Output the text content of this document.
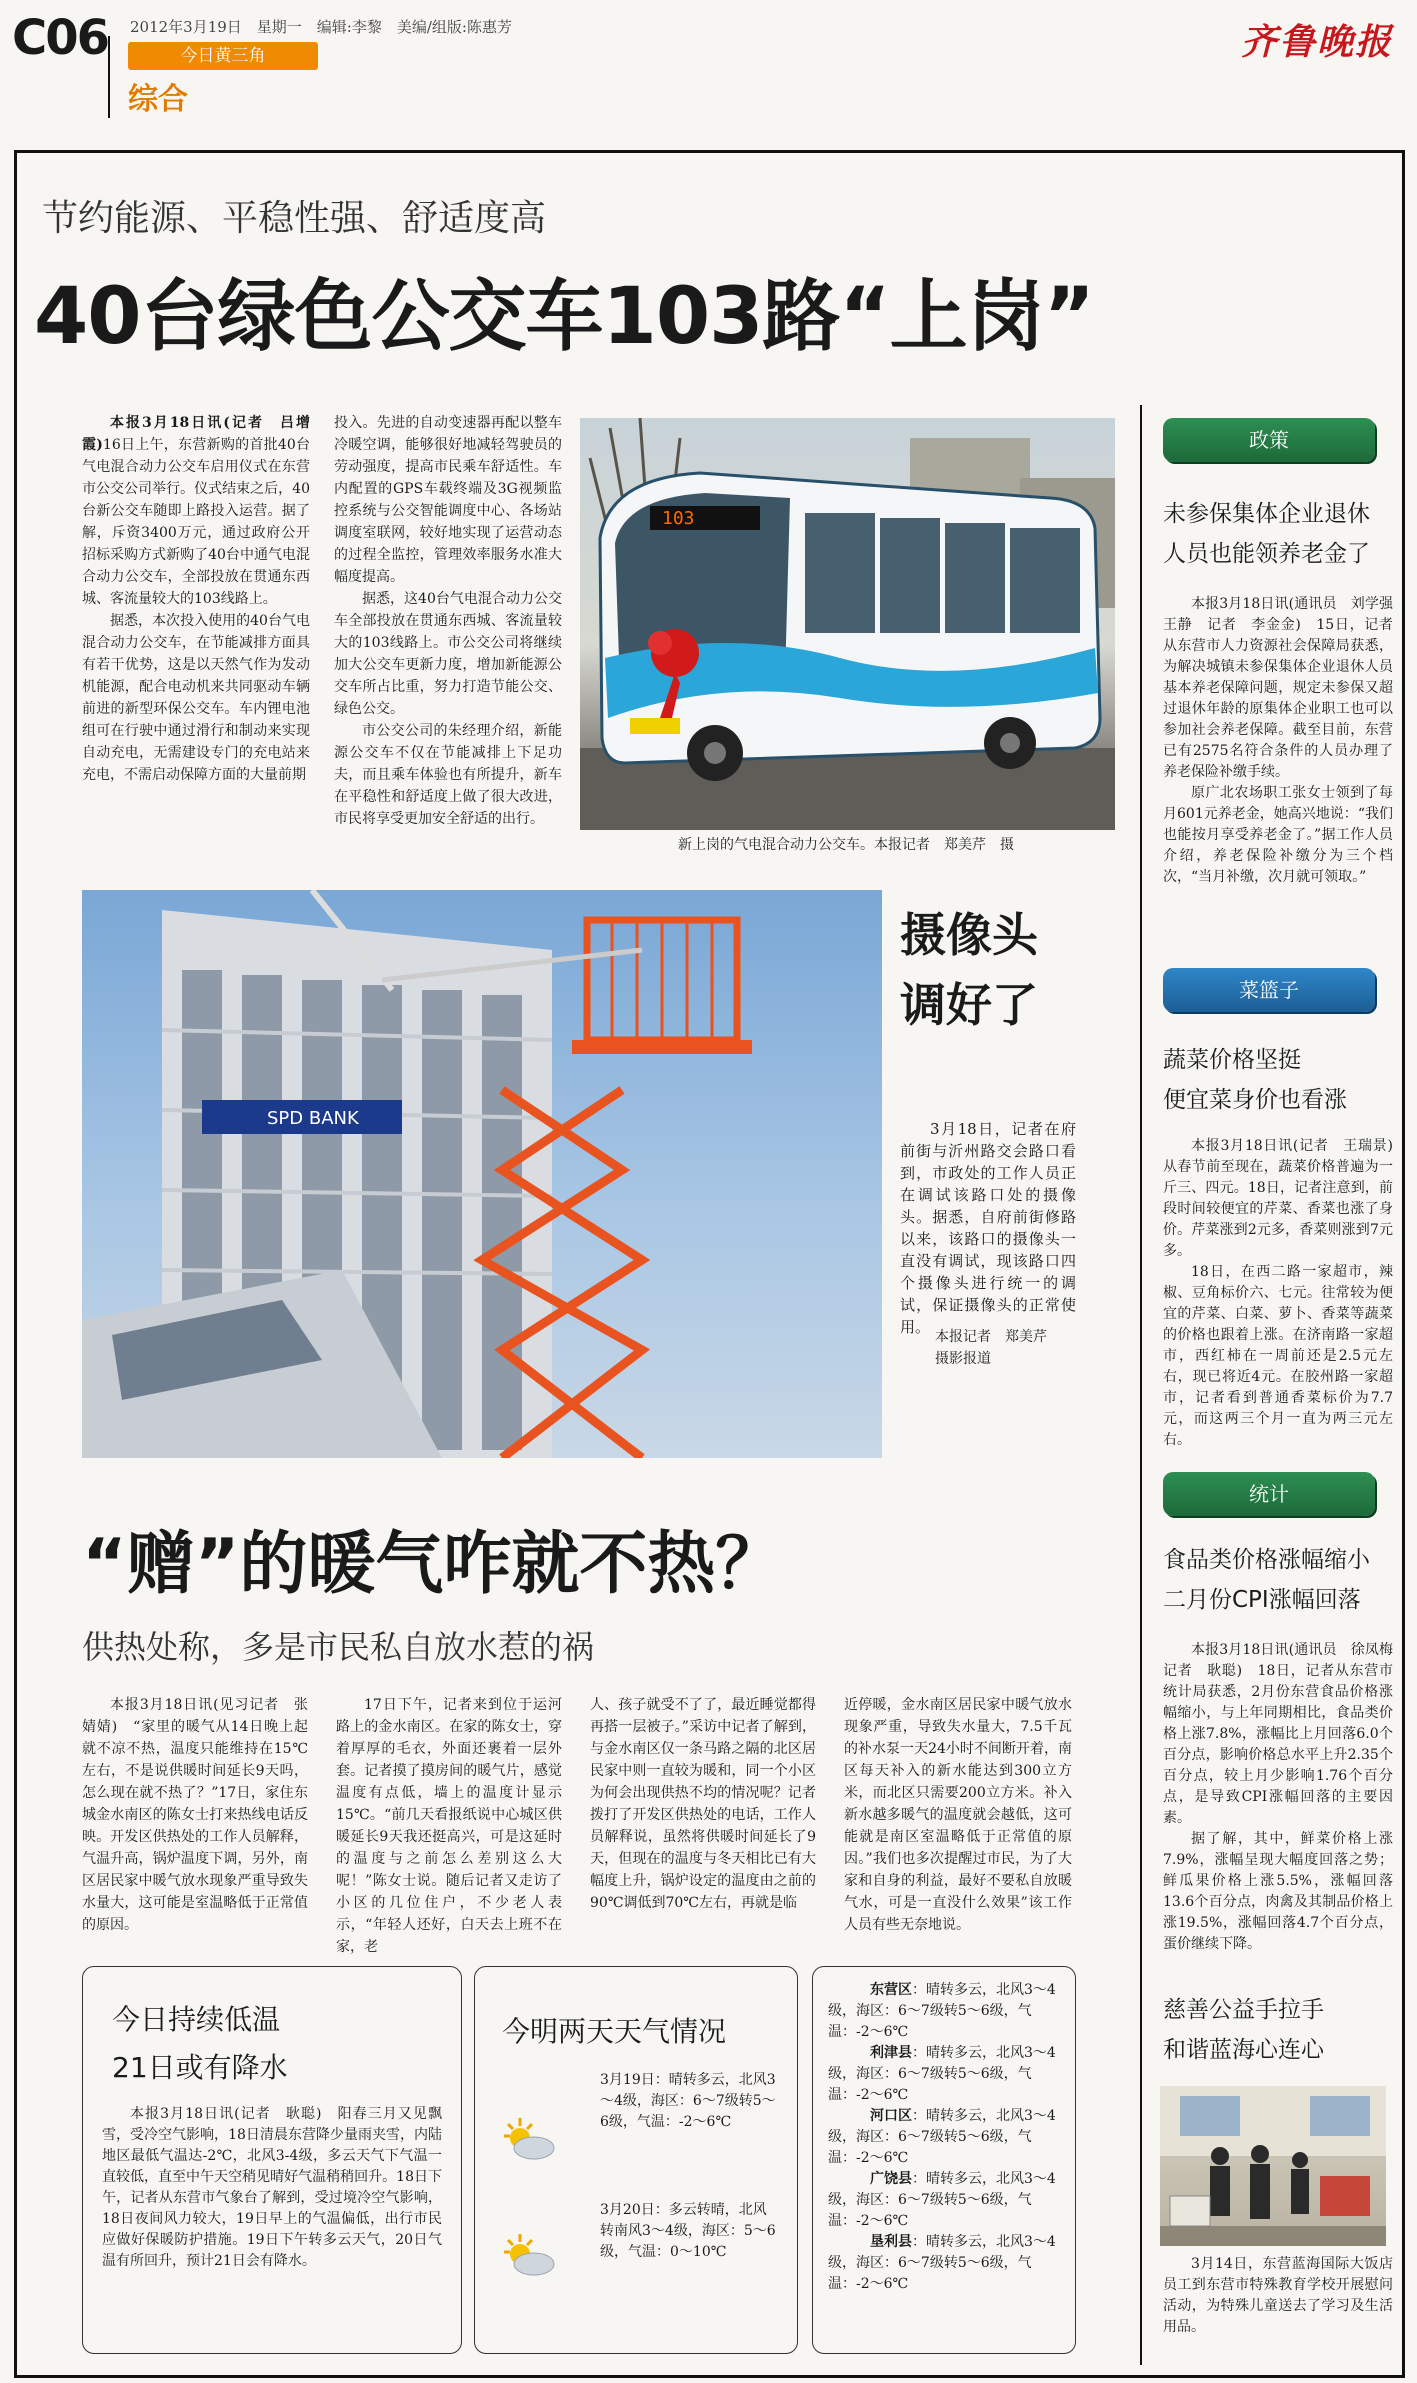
C06 2012年3月19日　星期一　编辑:李黎　美编/组版:陈惠芳
今日黄三角
综合
齐鲁晚报
节约能源、平稳性强、舒适度高
40台绿色公交车103路“上岗”

本报3月18日讯(记者　吕增霞)16日上午，东营新购的首批40台气电混合动力公交车启用仪式在东营市公交公司举行。仪式结束之后，40台新公交车随即上路投入运营。据了解，斥资3400万元，通过政府公开招标采购方式新购了40台中通气电混合动力公交车，全部投放在贯通东西城、客流量较大的103线路上。

据悉，本次投入使用的40台气电混合动力公交车，在节能减排方面具有若干优势，这是以天然气作为发动机能源，配合电动机来共同驱动车辆前进的新型环保公交车。车内锂电池组可在行驶中通过滑行和制动来实现自动充电，无需建设专门的充电站来充电，不需启动保障方面的大量前期

投入。先进的自动变速器再配以整车冷暖空调，能够很好地减轻驾驶员的劳动强度，提高市民乘车舒适性。车内配置的GPS车载终端及3G视频监控系统与公交智能调度中心、各场站调度室联网，较好地实现了运营动态的过程全监控，管理效率服务水准大幅度提高。

据悉，这40台气电混合动力公交车全部投放在贯通东西城、客流量较大的103线路上。市公交公司将继续加大公交车更新力度，增加新能源公交车所占比重，努力打造节能公交、绿色公交。

市公交公司的朱经理介绍，新能源公交车不仅在节能减排上下足功夫，而且乘车体验也有所提升，新车在平稳性和舒适度上做了很大改进，市民将享受更加安全舒适的出行。

103
新上岗的气电混合动力公交车。本报记者　郑美芹　摄
SPD BANK
摄像头
调好了
3月18日，记者在府前街与沂州路交会路口看到，市政处的工作人员正在调试该路口处的摄像头。据悉，自府前街修路以来，该路口的摄像头一直没有调试，现该路口四个摄像头进行统一的调试，保证摄像头的正常使用。
本报记者　郑美芹
摄影报道
“赠”的暖气咋就不热？
供热处称，多是市民私自放水惹的祸
本报3月18日讯(见习记者　张婧婧)　“家里的暖气从14日晚上起就不凉不热，温度只能维持在15℃左右，不是说供暖时间延长9天吗，怎么现在就不热了？”17日，家住东城金水南区的陈女士打来热线电话反映。开发区供热处的工作人员解释，气温升高，锅炉温度下调，另外，南区居民家中暖气放水现象严重导致失水量大，这可能是室温略低于正常值的原因。
17日下午，记者来到位于运河路上的金水南区。在家的陈女士，穿着厚厚的毛衣，外面还裹着一层外套。记者摸了摸房间的暖气片，感觉温度有点低，墙上的温度计显示15℃。“前几天看报纸说中心城区供暖延长9天我还挺高兴，可是这延时的温度与之前怎么差别这么大呢！”陈女士说。随后记者又走访了小区的几位住户，不少老人表示，“年轻人还好，白天去上班不在家，老
人、孩子就受不了了，最近睡觉都得再搭一层被子。”采访中记者了解到，与金水南区仅一条马路之隔的北区居民家中则一直较为暖和，同一个小区为何会出现供热不均的情况呢？记者拨打了开发区供热处的电话，工作人员解释说，虽然将供暖时间延长了9天，但现在的温度与冬天相比已有大幅度上升，锅炉设定的温度由之前的90℃调低到70℃左右，再就是临
近停暖，金水南区居民家中暖气放水现象严重，导致失水量大，7.5千瓦的补水泵一天24小时不间断开着，南区每天补入的新水能达到300立方米，而北区只需要200立方米。补入新水越多暖气的温度就会越低，这可能就是南区室温略低于正常值的原因。”我们也多次提醒过市民，为了大家和自身的利益，最好不要私自放暖气水，可是一直没什么效果”该工作人员有些无奈地说。
今日持续低温
21日或有降水
本报3月18日讯(记者　耿聪)　阳春三月又见飘雪，受冷空气影响，18日清晨东营降少量雨夹雪，内陆地区最低气温达-2℃，北风3-4级，多云天气下气温一直较低，直至中午天空稍见晴好气温稍稍回升。18日下午，记者从东营市气象台了解到，受过境冷空气影响，18日夜间风力较大，19日早上的气温偏低，出行市民应做好保暖防护措施。19日下午转多云天气，20日气温有所回升，预计21日会有降水。
今明两天天气情况
3月19日：晴转多云，北风3～4级，海区：6～7级转5～6级，气温：-2～6℃
3月20日：多云转晴，北风转南风3～4级，海区：5～6级，气温：0～10℃
东营区：晴转多云，北风3～4级，海区：6～7级转5～6级，气温：-2～6℃
利津县：晴转多云，北风3～4级，海区：6～7级转5～6级，气温：-2～6℃
河口区：晴转多云，北风3～4级，海区：6～7级转5～6级，气温：-2～6℃
广饶县：晴转多云，北风3～4级，海区：6～7级转5～6级，气温：-2～6℃
垦利县：晴转多云，北风3～4级，海区：6～7级转5～6级，气温：-2～6℃
政策
未参保集体企业退休
人员也能领养老金了

本报3月18日讯(通讯员　刘学强　王静　记者　李金金)　15日，记者从东营市人力资源社会保障局获悉，为解决城镇未参保集体企业退休人员基本养老保障问题，规定未参保又超过退休年龄的原集体企业职工也可以参加社会养老保障。截至目前，东营已有2575名符合条件的人员办理了养老保险补缴手续。

原广北农场职工张女士领到了每月601元养老金，她高兴地说：“我们也能按月享受养老金了。”据工作人员介绍，养老保险补缴分为三个档次，“当月补缴，次月就可领取。”

菜篮子
蔬菜价格坚挺
便宜菜身价也看涨

本报3月18日讯(记者　王瑞景)　从春节前至现在，蔬菜价格普遍为一斤三、四元。18日，记者注意到，前段时间较便宜的芹菜、香菜也涨了身价。芹菜涨到2元多，香菜则涨到7元多。

18日，在西二路一家超市，辣椒、豆角标价六、七元。往常较为便宜的芹菜、白菜、萝卜、香菜等蔬菜的价格也跟着上涨。在济南路一家超市，西红柿在一周前还是2.5元左右，现已将近4元。在胶州路一家超市，记者看到普通香菜标价为7.7元，而这两三个月一直为两三元左右。

统计
食品类价格涨幅缩小
二月份CPI涨幅回落

本报3月18日讯(通讯员　徐凤梅　记者　耿聪)　18日，记者从东营市统计局获悉，2月份东营食品价格涨幅缩小，与上年同期相比，食品类价格上涨7.8%，涨幅比上月回落6.0个百分点，影响价格总水平上升2.35个百分点，较上月少影响1.76个百分点，是导致CPI涨幅回落的主要因素。

据了解，其中，鲜菜价格上涨7.9%，涨幅呈现大幅度回落之势；鲜瓜果价格上涨5.5%，涨幅回落13.6个百分点，肉禽及其制品价格上涨19.5%，涨幅回落4.7个百分点，蛋价继续下降。

慈善公益手拉手
和谐蓝海心连心
3月14日，东营蓝海国际大饭店员工到东营市特殊教育学校开展慰问活动，为特殊儿童送去了学习及生活用品。
